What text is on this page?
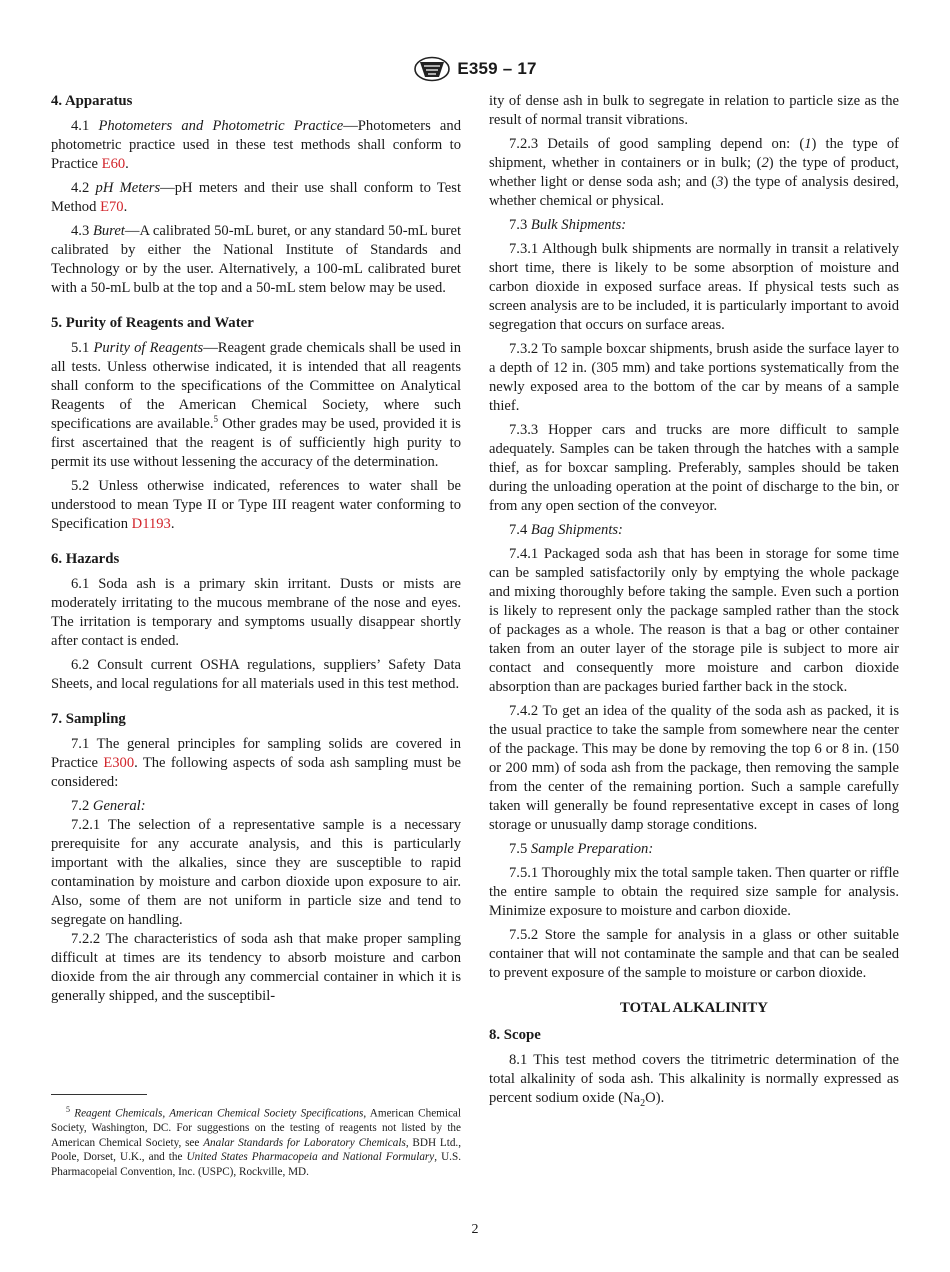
E359 – 17
4. Apparatus

4.1 Photometers and Photometric Practice—Photometers and photometric practice used in these test methods shall conform to Practice E60.

4.2 pH Meters—pH meters and their use shall conform to Test Method E70.

4.3 Buret—A calibrated 50-mL buret, or any standard 50-mL buret calibrated by either the National Institute of Standards and Technology or by the user. Alternatively, a 100-mL calibrated buret with a 50-mL bulb at the top and a 50-mL stem below may be used.

5. Purity of Reagents and Water

5.1 Purity of Reagents—Reagent grade chemicals shall be used in all tests. Unless otherwise indicated, it is intended that all reagents shall conform to the specifications of the Committee on Analytical Reagents of the American Chemical Society, where such specifications are available.$^5$ Other grades may be used, provided it is first ascertained that the reagent is of sufficiently high purity to permit its use without lessening the accuracy of the determination.

5.2 Unless otherwise indicated, references to water shall be understood to mean Type II or Type III reagent water conforming to Specification D1193.

6. Hazards

6.1 Soda ash is a primary skin irritant. Dusts or mists are moderately irritating to the mucous membrane of the nose and eyes. The irritation is temporary and symptoms usually disappear shortly after contact is ended.

6.2 Consult current OSHA regulations, suppliers’ Safety Data Sheets, and local regulations for all materials used in this test method.

7. Sampling

7.1 The general principles for sampling solids are covered in Practice E300. The following aspects of soda ash sampling must be considered:

7.2 General:

7.2.1 The selection of a representative sample is a necessary prerequisite for any accurate analysis, and this is particularly important with the alkalies, since they are susceptible to rapid contamination by moisture and carbon dioxide upon exposure to air. Also, some of them are not uniform in particle size and tend to segregate on handling.

7.2.2 The characteristics of soda ash that make proper sampling difficult at times are its tendency to absorb moisture and carbon dioxide from the air through any commercial container in which it is generally shipped, and the susceptibil-

ity of dense ash in bulk to segregate in relation to particle size as the result of normal transit vibrations.

7.2.3 Details of good sampling depend on: (1) the type of shipment, whether in containers or in bulk; (2) the type of product, whether light or dense soda ash; and (3) the type of analysis desired, whether chemical or physical.

7.3 Bulk Shipments:

7.3.1 Although bulk shipments are normally in transit a relatively short time, there is likely to be some absorption of moisture and carbon dioxide in exposed surface areas. If physical tests such as screen analysis are to be included, it is particularly important to avoid segregation that occurs on surface areas.

7.3.2 To sample boxcar shipments, brush aside the surface layer to a depth of 12 in. (305 mm) and take portions systematically from the newly exposed area to the bottom of the car by means of a sample thief.

7.3.3 Hopper cars and trucks are more difficult to sample adequately. Samples can be taken through the hatches with a sample thief, as for boxcar sampling. Preferably, samples should be taken during the unloading operation at the point of discharge to the bin, or from any open section of the conveyor.

7.4 Bag Shipments:

7.4.1 Packaged soda ash that has been in storage for some time can be sampled satisfactorily only by emptying the whole package and mixing thoroughly before taking the sample. Even such a portion is likely to represent only the package sampled rather than the stock of packages as a whole. The reason is that a bag or other container taken from an outer layer of the storage pile is subject to more air contact and consequently more moisture and carbon dioxide absorption than are packages buried farther back in the stock.

7.4.2 To get an idea of the quality of the soda ash as packed, it is the usual practice to take the sample from somewhere near the center of the package. This may be done by removing the top 6 or 8 in. (150 or 200 mm) of soda ash from the package, then removing the sample from the center of the remaining portion. Such a sample carefully taken will generally be found representative except in cases of long storage or unusually damp storage conditions.

7.5 Sample Preparation:

7.5.1 Thoroughly mix the total sample taken. Then quarter or riffle the entire sample to obtain the required size sample for analysis. Minimize exposure to moisture and carbon dioxide.

7.5.2 Store the sample for analysis in a glass or other suitable container that will not contaminate the sample and that can be sealed to prevent exposure of the sample to moisture or carbon dioxide.

TOTAL ALKALINITY
8. Scope

8.1 This test method covers the titrimetric determination of the total alkalinity of soda ash. This alkalinity is normally expressed as percent sodium oxide $(Na_2O)$.

$^5$ Reagent Chemicals, American Chemical Society Specifications, American Chemical Society, Washington, DC. For suggestions on the testing of reagents not listed by the American Chemical Society, see Analar Standards for Laboratory Chemicals, BDH Ltd., Poole, Dorset, U.K., and the United States Pharmacopeia and National Formulary, U.S. Pharmacopeial Convention, Inc. (USPC), Rockville, MD.
2
